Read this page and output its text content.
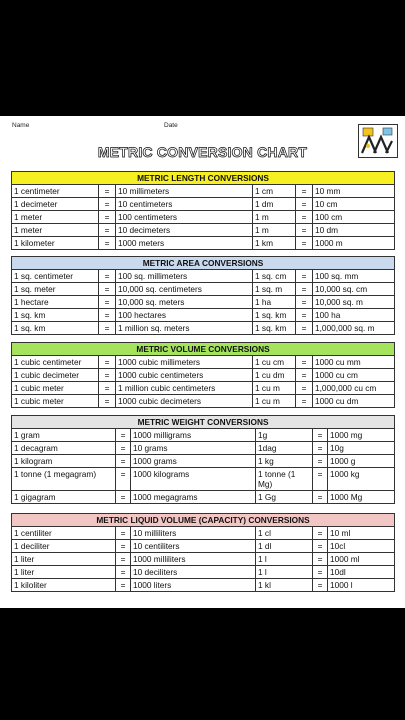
Name	Date
METRIC CONVERSION CHART
METRIC LENGTH CONVERSIONS					
1 centimeter	=	10 millimeters	1 cm	=	10 mm
1 decimeter	=	10 centimeters	1 dm	=	10 cm
1 meter	=	100 centimeters	1 m	=	100 cm
1 meter	=	10 decimeters	1 m	=	10 dm
1 kilometer	=	1000 meters	1 km	=	1000 m
METRIC AREA CONVERSIONS					
1 sq. centimeter	=	100 sq. millimeters	1 sq. cm	=	100 sq. mm
1 sq. meter	=	10,000 sq. centimeters	1 sq. m	=	10,000 sq. cm
1 hectare	=	10,000 sq. meters	1 ha	=	10,000 sq. m
1 sq. km	=	100 hectares	1 sq. km	=	100 ha
1 sq. km	=	1 million sq. meters	1 sq. km	=	1,000,000 sq. m
METRIC VOLUME CONVERSIONS					
1 cubic centimeter	=	1000 cubic millimeters	1 cu cm	=	1000 cu mm
1 cubic decimeter	=	1000 cubic centimeters	1 cu dm	=	1000 cu cm
1 cubic meter	=	1 million cubic centimeters	1 cu m	=	1,000,000 cu cm
1 cubic meter	=	1000 cubic decimeters	1 cu m	=	1000 cu dm
METRIC WEIGHT CONVERSIONS					
1 gram	=	1000 milligrams	1g	=	1000 mg
1 decagram	=	10 grams	1dag	=	10g
1 kilogram	=	1000 grams	1 kg	=	1000 g
1 tonne (1 megagram)	=	1000 kilograms	1 tonne (1 Mg)	=	1000 kg
1 gigagram	=	1000 megagrams	1 Gg	=	1000 Mg
METRIC LIQUID VOLUME (CAPACITY) CONVERSIONS					
1 centiliter	=	10 milliliters	1 cl	=	10 ml
1 deciliter	=	10 centiliters	1 dl	=	10cl
1 liter	=	1000 milliliters	1 l	=	1000 ml
1 liter	=	10 deciliters	1 l	=	10dl
1 kiloliter	=	1000 liters	1 kl	=	1000 l
